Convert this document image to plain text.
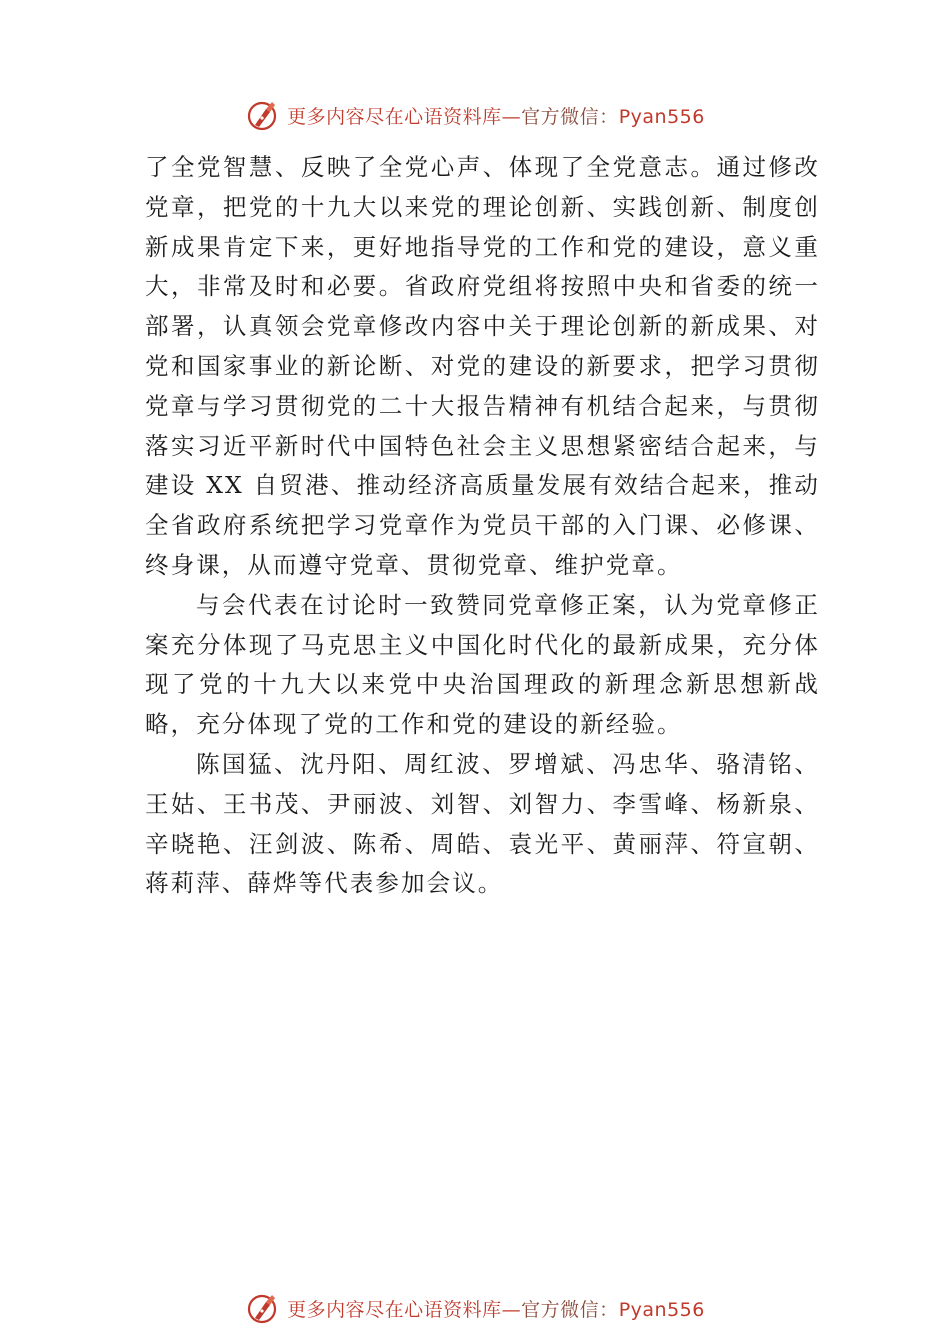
更多内容尽在心语资料库—官方微信：Pyan556

了全党智慧、反映了全党心声、体现了全党意志。通过修改党章，把党的十九大以来党的理论创新、实践创新、制度创新成果肯定下来，更好地指导党的工作和党的建设，意义重大，非常及时和必要。省政府党组将按照中央和省委的统一部署，认真领会党章修改内容中关于理论创新的新成果、对党和国家事业的新论断、对党的建设的新要求，把学习贯彻党章与学习贯彻党的二十大报告精神有机结合起来，与贯彻落实习近平新时代中国特色社会主义思想紧密结合起来，与建设 XX 自贸港、推动经济高质量发展有效结合起来，推动全省政府系统把学习党章作为党员干部的入门课、必修课、终身课，从而遵守党章、贯彻党章、维护党章。

与会代表在讨论时一致赞同党章修正案，认为党章修正案充分体现了马克思主义中国化时代化的最新成果，充分体现了党的十九大以来党中央治国理政的新理念新思想新战略，充分体现了党的工作和党的建设的新经验。

陈国猛、沈丹阳、周红波、罗增斌、冯忠华、骆清铭、王姑、王书茂、尹丽波、刘智、刘智力、李雪峰、杨新泉、辛晓艳、汪剑波、陈希、周皓、袁光平、黄丽萍、符宣朝、蒋莉萍、薛烨等代表参加会议。

更多内容尽在心语资料库—官方微信：Pyan556
